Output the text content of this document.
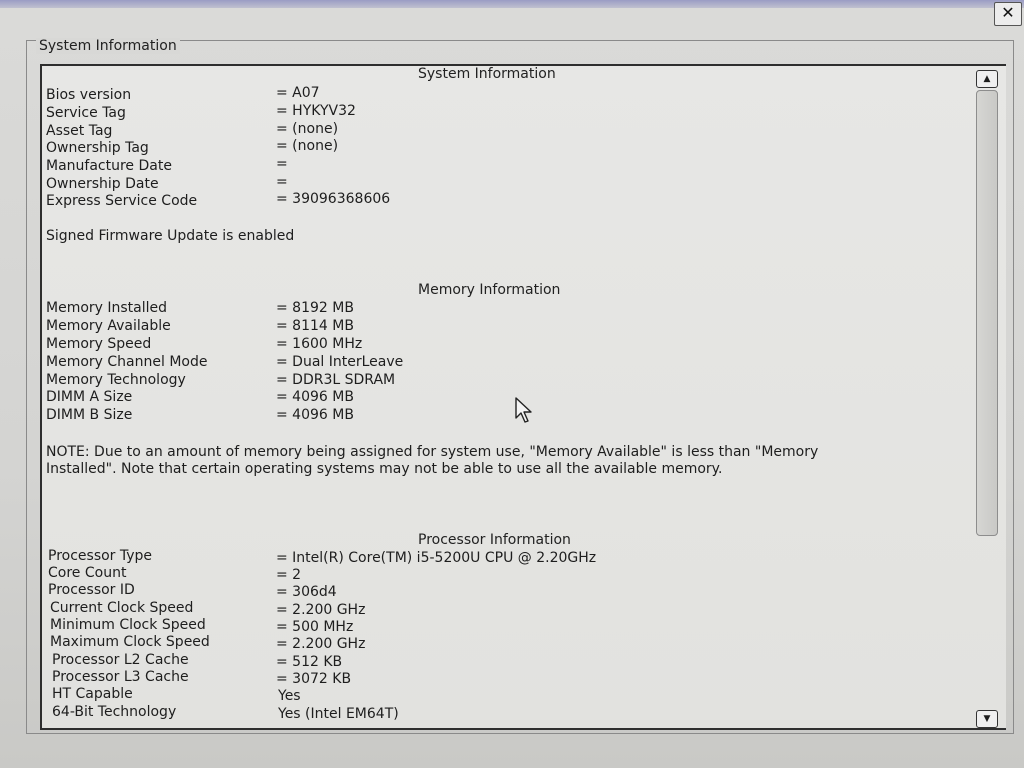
✕
System Information
System Information
Bios version	= A07
Service Tag	= HYKYV32
Asset Tag	= (none)
Ownership Tag	= (none)
Manufacture Date	=
Ownership Date	=
Express Service Code	= 39096368606
Signed Firmware Update is enabled
Memory Information
Memory Installed	= 8192 MB
Memory Available	= 8114 MB
Memory Speed	= 1600 MHz
Memory Channel Mode	= Dual InterLeave
Memory Technology	= DDR3L SDRAM
DIMM A Size	= 4096 MB
DIMM B Size	= 4096 MB
NOTE: Due to an amount of memory being assigned for system use, "Memory Available" is less than "Memory Installed". Note that certain operating systems may not be able to use all the available memory.
Processor Information
Processor Type	= Intel(R) Core(TM) i5-5200U CPU @ 2.20GHz
Core Count	= 2
Processor ID	= 306d4
Current Clock Speed	= 2.200 GHz
Minimum Clock Speed	= 500 MHz
Maximum Clock Speed	= 2.200 GHz
Processor L2 Cache	= 512 KB
Processor L3 Cache	= 3072 KB
HT Capable	Yes
64-Bit Technology	Yes (Intel EM64T)
▲
▼
